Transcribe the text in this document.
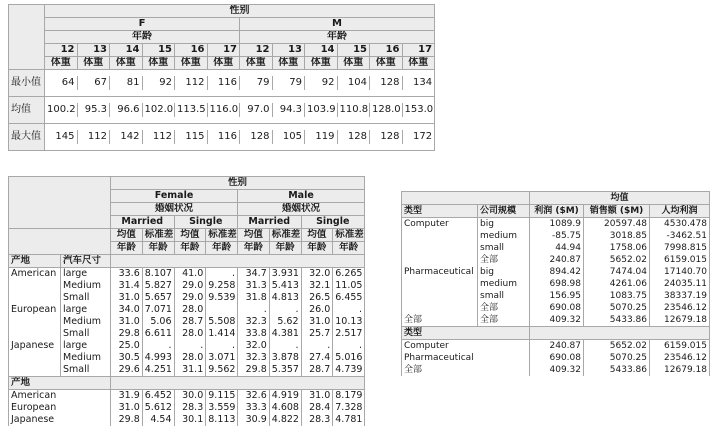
	性别											
	F						M					
	年龄						年龄					
	12	13	14	15	16	17	12	13	14	15	16	17
	体重	体重	体重	体重	体重	体重	体重	体重	体重	体重	体重	体重

最小值	64	67	81	92	112	116	79	79	92	104	128	134

均值	100.2	95.3	96.6	102.0	113.5	116.0	97.0	94.3	103.9	110.8	128.0	153.0

最大值	145	112	142	112	115	116	128	105	119	128	128	172

		性别							
		Female				Male			
		婚姻状况				婚姻状况			
		Married		Single		Married		Single	
		均值	标准差	均值	标准差	均值	标准差	均值	标准差
		年龄	年龄	年龄	年龄	年龄	年龄	年龄	年龄
产地	汽车尺寸								
American	large	33.6	8.107	41.0	.	34.7	3.931	32.0	6.265
	Medium	31.4	5.827	29.0	9.258	31.3	5.413	32.1	11.05
	Small	31.0	5.657	29.0	9.539	31.8	4.813	26.5	6.455
European	large	34.0	7.071	28.0		.	.	26.0	.
	Medium	31.0	5.06	28.7	5.508	32.3	5.62	31.0	10.13
	Small	29.8	6.611	28.0	1.414	33.8	4.381	25.7	2.517
Japanese	large	25.0	.	.	.	32.0	.	.	.
	Medium	30.5	4.993	28.0	3.071	32.3	3.878	27.4	5.016
	Small	29.6	4.251	31.1	9.562	29.8	5.357	28.7	4.739
产地									
American		31.9	6.452	30.0	9.115	32.6	4.919	31.0	8.179
European		31.0	5.612	28.3	3.559	33.3	4.608	28.4	7.328
Japanese		29.8	4.54	30.1	8.113	30.9	4.822	28.3	4.781
		均值		
类型	公司规模	利润 ($M)	销售额 ($M)	人均利润
Computer	big	1089.9	20597.48	4530.478
	medium	-85.75	3018.85	-3462.51
	small	44.94	1758.06	7998.815
	全部	240.87	5652.02	6159.015
Pharmaceutical	big	894.42	7474.04	17140.70
	medium	698.98	4261.06	24035.11
	small	156.95	1083.75	38337.19
	全部	690.08	5070.25	23546.12
全部	全部	409.32	5433.86	12679.18
类型				
Computer		240.87	5652.02	6159.015
Pharmaceutical		690.08	5070.25	23546.12
全部		409.32	5433.86	12679.18
